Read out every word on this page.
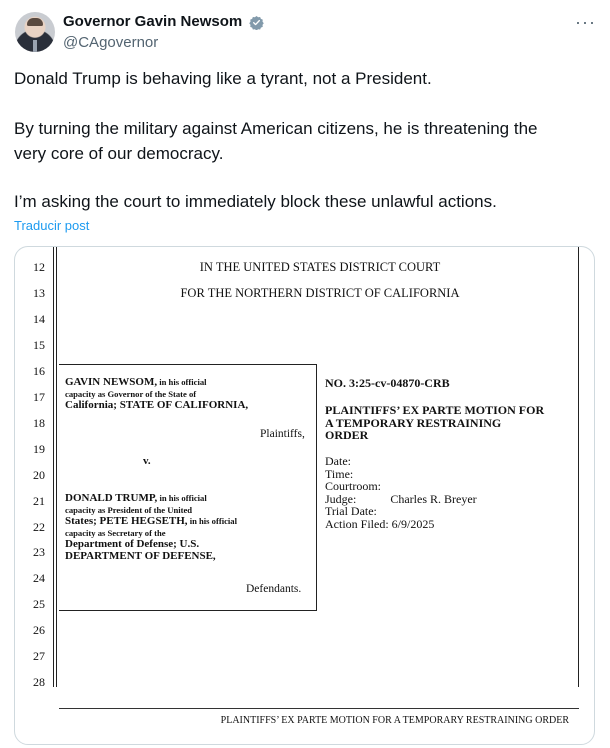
Governor Gavin Newsom
@CAgovernor
···
Donald Trump is behaving like a tyrant, not a President.
By turning the military against American citizens, he is threatening the
very core of our democracy.
I’m asking the court to immediately block these unlawful actions.
Traducir post
12
13
14
15
16
17
18
19
20
21
22
23
24
25
26
27
28
IN THE UNITED STATES DISTRICT COURT
FOR THE NORTHERN DISTRICT OF CALIFORNIA
GAVIN NEWSOM, in his official
capacity as Governor of the State of
California; STATE OF CALIFORNIA,
Plaintiffs,
v.
DONALD TRUMP, in his official
capacity as President of the United
States; PETE HEGSETH, in his official
capacity as Secretary of the
Department of Defense; U.S.
DEPARTMENT OF DEFENSE,
Defendants.
NO. 3:25-cv-04870-CRB
PLAINTIFFS’ EX PARTE MOTION FOR
A TEMPORARY RESTRAINING
ORDER
Date:
Time:
Courtroom:
Judge:	Charles R. Breyer
Trial Date:
Action Filed: 6/9/2025
PLAINTIFFS’ EX PARTE MOTION FOR A TEMPORARY RESTRAINING ORDER
